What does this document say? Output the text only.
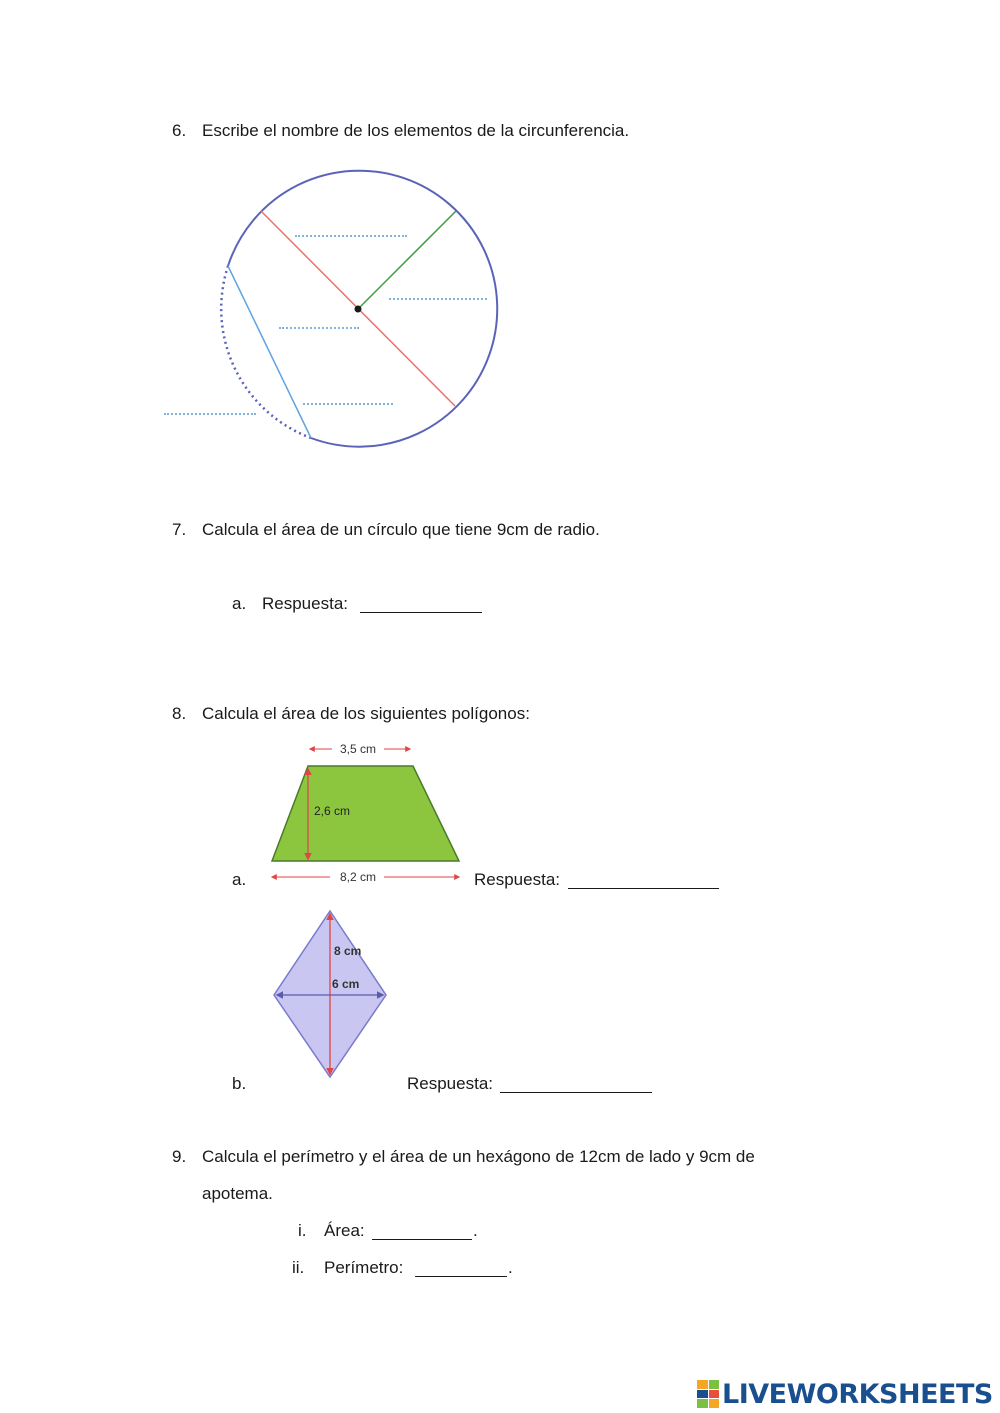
6. Escribe el nombre de los elementos de la circunferencia.
7. Calcula el área de un círculo que tiene 9cm de radio.
a. Respuesta:
8. Calcula el área de los siguientes polígonos:
3,5 cm
2,6 cm
8,2 cm
a.	Respuesta:
8 cm
6 cm
b.	Respuesta:
9. Calcula el perímetro y el área de un hexágono de 12cm de lado y 9cm de
apotema.
i. Área:	.
ii. Perímetro:	.
LIVEWORKSHEETS
